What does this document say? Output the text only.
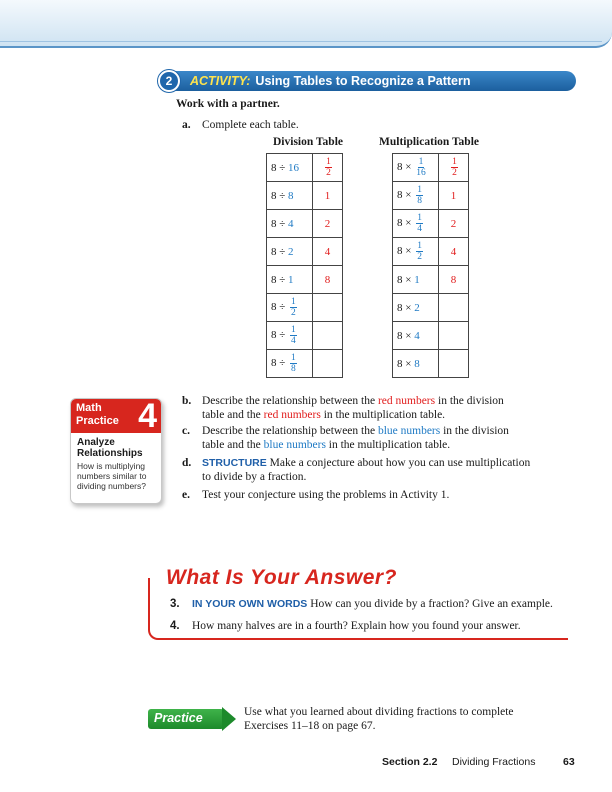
2	ACTIVITY: Using Tables to Recognize a Pattern
Work with a partner.
a. Complete each table.
Division Table	Multiplication Table
8 ÷ 16	$\frac{1}{2}$

8 ÷ 8	1
8 ÷ 4	2
8 ÷ 2	4
8 ÷ 1	8
$8 \div \frac{1}{2}$

$8 \div \frac{1}{4}$

$8 \div \frac{1}{8}$

$8 \times \frac{1}{16}$	$\frac{1}{2}$

$8 \times \frac{1}{8}$	1
$8 \times \frac{1}{4}$	2
$8 \times \frac{1}{2}$	4
8 × 1	8
8 × 2	
8 × 4	
8 × 8	
Math
Practice 4
Analyze
Relationships
How is multiplying numbers similar to dividing numbers?
b. Describe the relationship between the red numbers in the division
table and the red numbers in the multiplication table.
c. Describe the relationship between the blue numbers in the division
table and the blue numbers in the multiplication table.
d. STRUCTURE Make a conjecture about how you can use multiplication
to divide by a fraction.
e. Test your conjecture using the problems in Activity 1.
What Is Your Answer?
3. IN YOUR OWN WORDS How can you divide by a fraction? Give an example.
4. How many halves are in a fourth? Explain how you found your answer.
Practice	Use what you learned about dividing fractions to complete
Exercises 11–18 on page 67.
Section 2.2 Dividing Fractions	63
